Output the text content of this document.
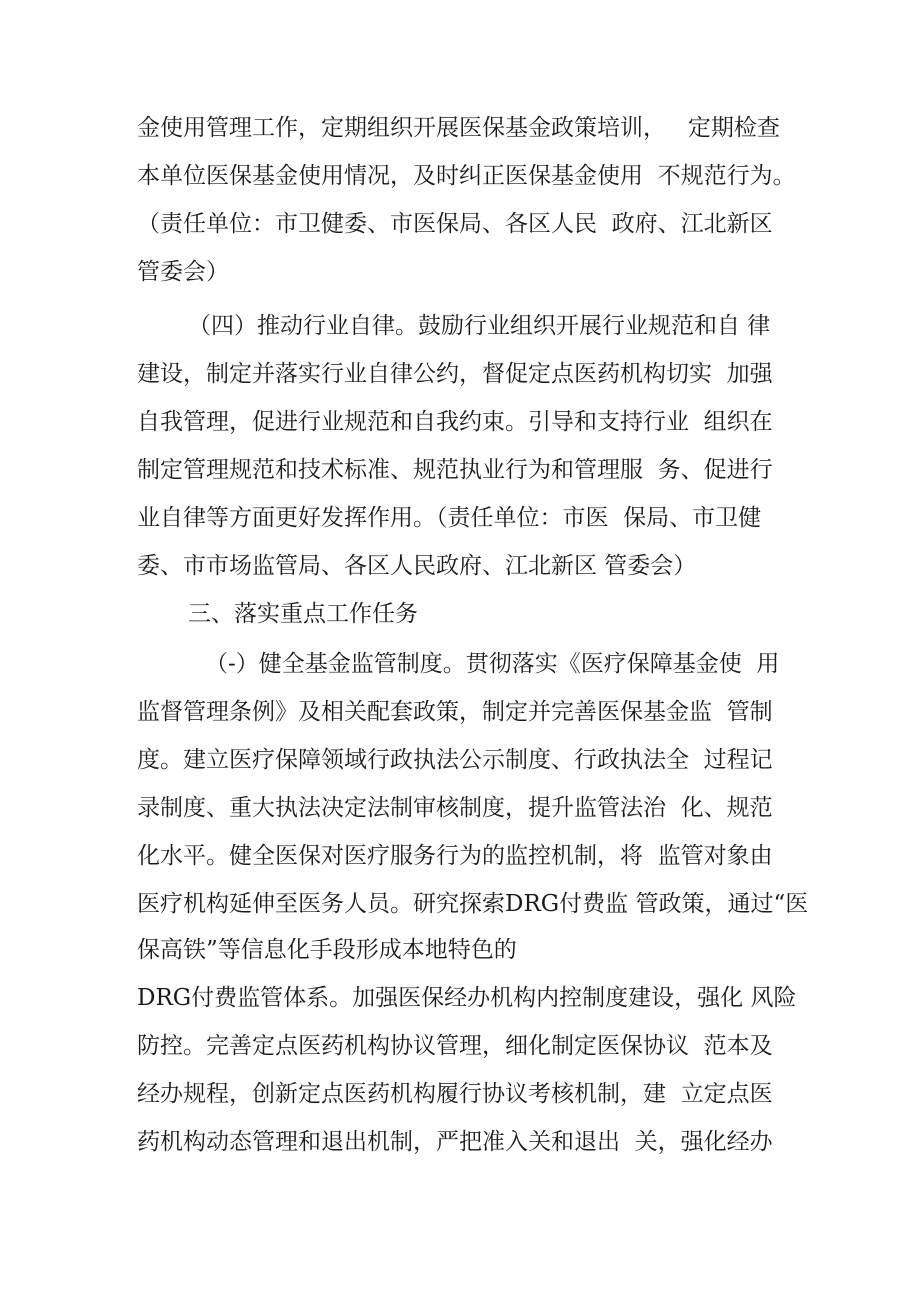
金使用管理工作，定期组织开展医保基金政策培训，   定期检查

本单位医保基金使用情况，及时纠正医保基金使用  不规范行为。

（责任单位：市卫健委、市医保局、各区人民  政府、江北新区

管委会）

（四）推动行业自律。鼓励行业组织开展行业规范和自 律

建设，制定并落实行业自律公约，督促定点医药机构切实  加强

自我管理，促进行业规范和自我约束。引导和支持行业  组织在

制定管理规范和技术标准、规范执业行为和管理服  务、促进行

业自律等方面更好发挥作用。（责任单位：市医  保局、市卫健

委、市市场监管局、各区人民政府、江北新区 管委会）

三、落实重点工作任务

（-）健全基金监管制度。贯彻落实《医疗保障基金使  用

监督管理条例》及相关配套政策，制定并完善医保基金监  管制

度。建立医疗保障领域行政执法公示制度、行政执法全  过程记

录制度、重大执法决定法制审核制度，提升监管法治  化、规范

化水平。健全医保对医疗服务行为的监控机制，将  监管对象由

医疗机构延伸至医务人员。研究探索DRG付费监 管政策，通过“医

保高铁”等信息化手段形成本地特色的

DRG付费监管体系。加强医保经办机构内控制度建设，强化 风险

防控。完善定点医药机构协议管理，细化制定医保协议  范本及

经办规程，创新定点医药机构履行协议考核机制，建  立定点医

药机构动态管理和退出机制，严把准入关和退出  关，强化经办
